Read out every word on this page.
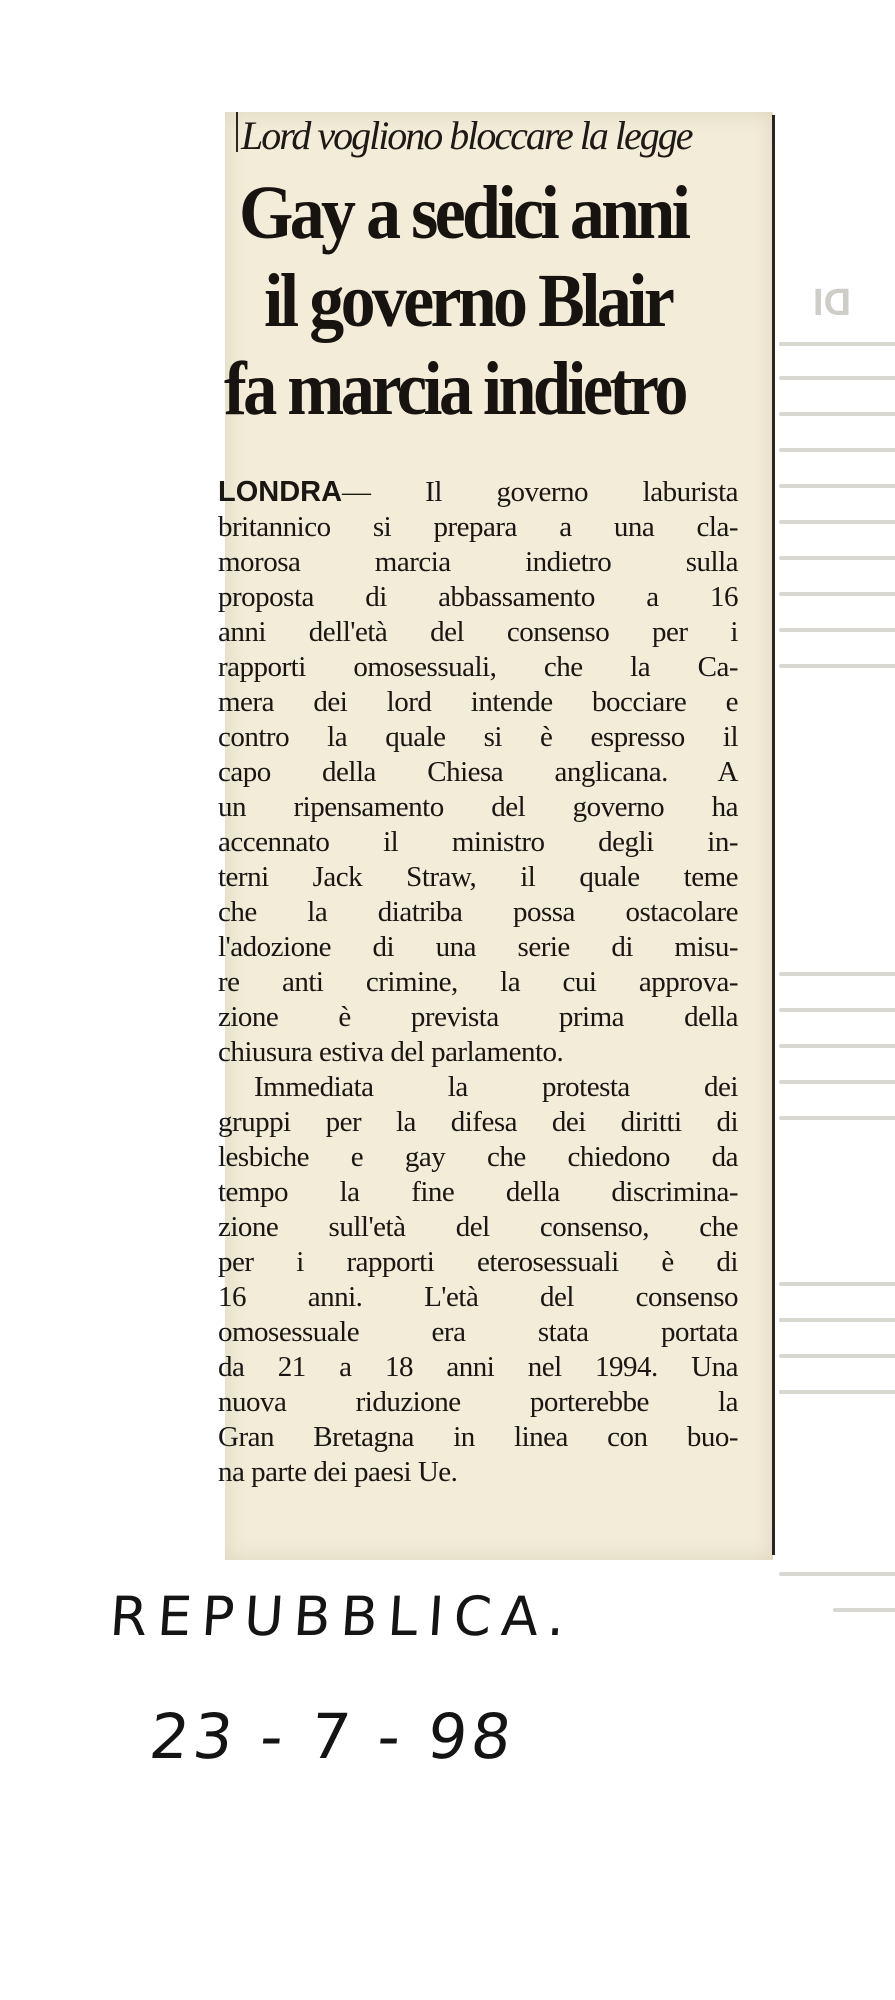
DI
Lord vogliono bloccare la legge
Gay a sedici anni
il governo Blair
fa marcia indietro
LONDRA— Il governo laburista
britannico si prepara a una cla-
morosa marcia indietro sulla
proposta di abbassamento a 16
anni dell'età del consenso per i
rapporti omosessuali, che la Ca-
mera dei lord intende bocciare e
contro la quale si è espresso il
capo della Chiesa anglicana. A
un ripensamento del governo ha
accennato il ministro degli in-
terni Jack Straw, il quale teme
che la diatriba possa ostacolare
l'adozione di una serie di misu-
re anti crimine, la cui approva-
zione è prevista prima della
chiusura estiva del parlamento.
Immediata la protesta dei
gruppi per la difesa dei diritti di
lesbiche e gay che chiedono da
tempo la fine della discrimina-
zione sull'età del consenso, che
per i rapporti eterosessuali è di
16 anni. L'età del consenso
omosessuale era stata portata
da 21 a 18 anni nel 1994. Una
nuova riduzione porterebbe la
Gran Bretagna in linea con buo-
na parte dei paesi Ue.
REPUBBLICA.
23 - 7 - 98
